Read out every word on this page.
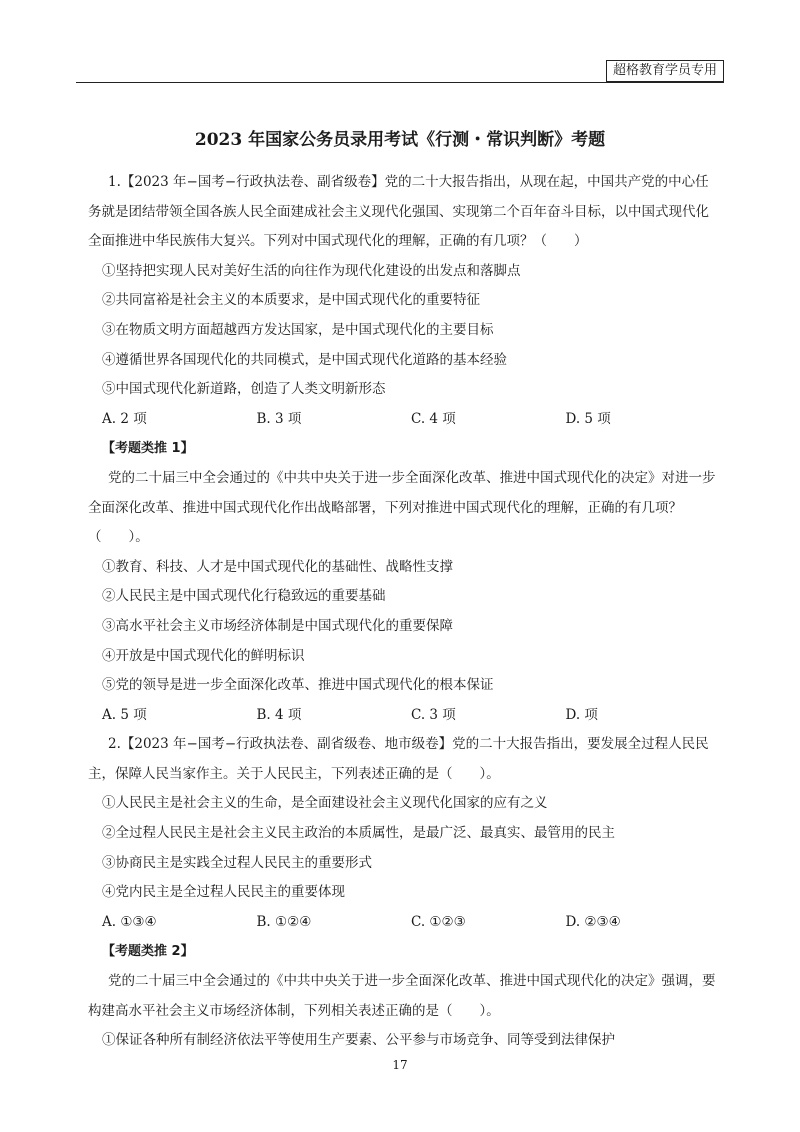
超格教育学员专用
2023 年国家公务员录用考试《行测・常识判断》考题

1.【2023 年−国考−行政执法卷、副省级卷】党的二十大报告指出，从现在起，中国共产党的中心任务就是团结带领全国各族人民全面建成社会主义现代化强国、实现第二个百年奋斗目标，以中国式现代化全面推进中华民族伟大复兴。下列对中国式现代化的理解，正确的有几项？（　　）

①坚持把实现人民对美好生活的向往作为现代化建设的出发点和落脚点

②共同富裕是社会主义的本质要求，是中国式现代化的重要特征

③在物质文明方面超越西方发达国家，是中国式现代化的主要目标

④遵循世界各国现代化的共同模式，是中国式现代化道路的基本经验

⑤中国式现代化新道路，创造了人类文明新形态

A. 2 项	B. 3 项	C. 4 项	D. 5 项

【考题类推 1】

党的二十届三中全会通过的《中共中央关于进一步全面深化改革、推进中国式现代化的决定》对进一步全面深化改革、推进中国式现代化作出战略部署，下列对推进中国式现代化的理解，正确的有几项？（　　）。

①教育、科技、人才是中国式现代化的基础性、战略性支撑

②人民民主是中国式现代化行稳致远的重要基础

③高水平社会主义市场经济体制是中国式现代化的重要保障

④开放是中国式现代化的鲜明标识

⑤党的领导是进一步全面深化改革、推进中国式现代化的根本保证

A. 5 项	B. 4 项	C. 3 项	D. 项

2.【2023 年−国考−行政执法卷、副省级卷、地市级卷】党的二十大报告指出，要发展全过程人民民主，保障人民当家作主。关于人民民主，下列表述正确的是（　　）。

①人民民主是社会主义的生命，是全面建设社会主义现代化国家的应有之义

②全过程人民民主是社会主义民主政治的本质属性，是最广泛、最真实、最管用的民主

③协商民主是实践全过程人民民主的重要形式

④党内民主是全过程人民民主的重要体现

A. ①③④	B. ①②④	C. ①②③	D. ②③④

【考题类推 2】

党的二十届三中全会通过的《中共中央关于进一步全面深化改革、推进中国式现代化的决定》强调，要构建高水平社会主义市场经济体制，下列相关表述正确的是（　　）。

①保证各种所有制经济依法平等使用生产要素、公平参与市场竞争、同等受到法律保护

17
